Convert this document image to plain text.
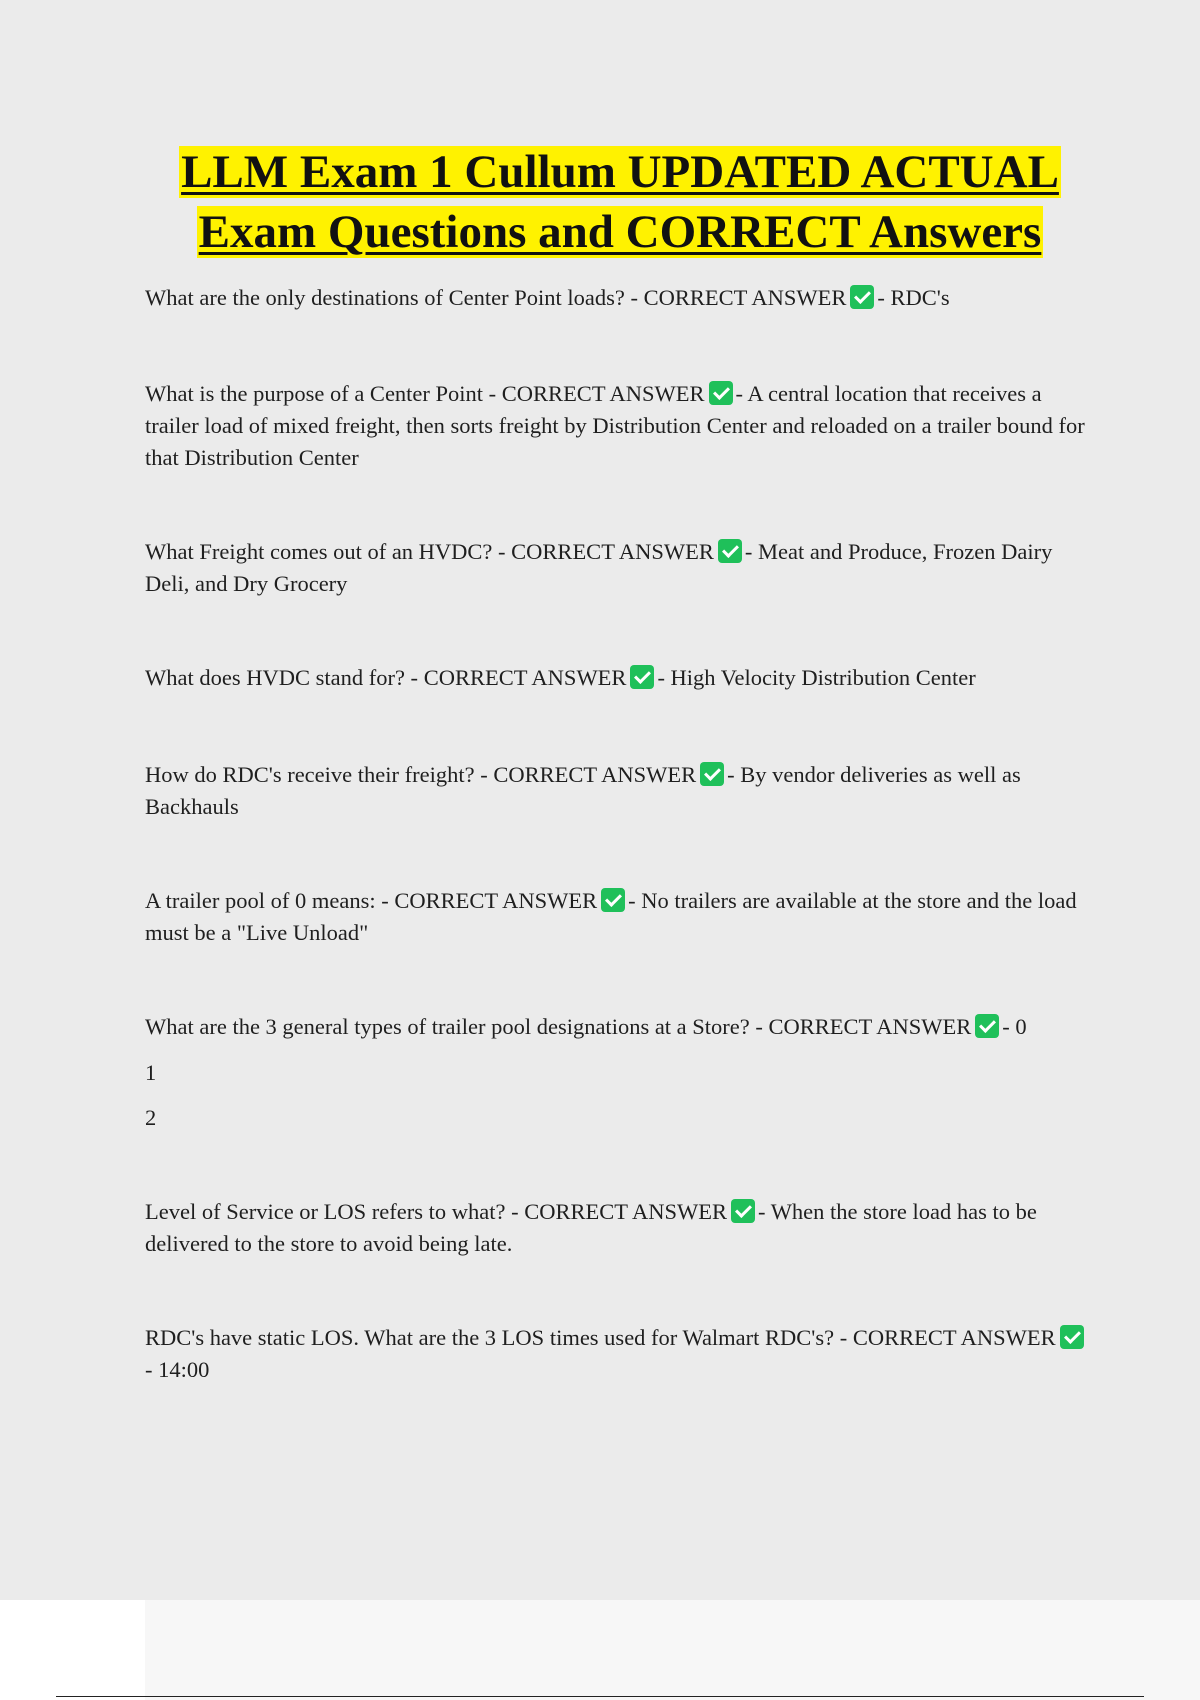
LLM Exam 1 Cullum UPDATED ACTUAL Exam Questions and CORRECT Answers

What are the only destinations of Center Point loads? - CORRECT ANSWER - RDC's

What is the purpose of a Center Point - CORRECT ANSWER - A central location that receives a trailer load of mixed freight, then sorts freight by Distribution Center and reloaded on a trailer bound for that Distribution Center

What Freight comes out of an HVDC? - CORRECT ANSWER - Meat and Produce, Frozen Dairy Deli, and Dry Grocery

What does HVDC stand for? - CORRECT ANSWER - High Velocity Distribution Center

How do RDC's receive their freight? - CORRECT ANSWER - By vendor deliveries as well as Backhauls

A trailer pool of 0 means: - CORRECT ANSWER - No trailers are available at the store and the load must be a "Live Unload"

What are the 3 general types of trailer pool designations at a Store? - CORRECT ANSWER - 0

1

2

Level of Service or LOS refers to what? - CORRECT ANSWER - When the store load has to be delivered to the store to avoid being late.

RDC's have static LOS. What are the 3 LOS times used for Walmart RDC's? - CORRECT ANSWER- 14:00
